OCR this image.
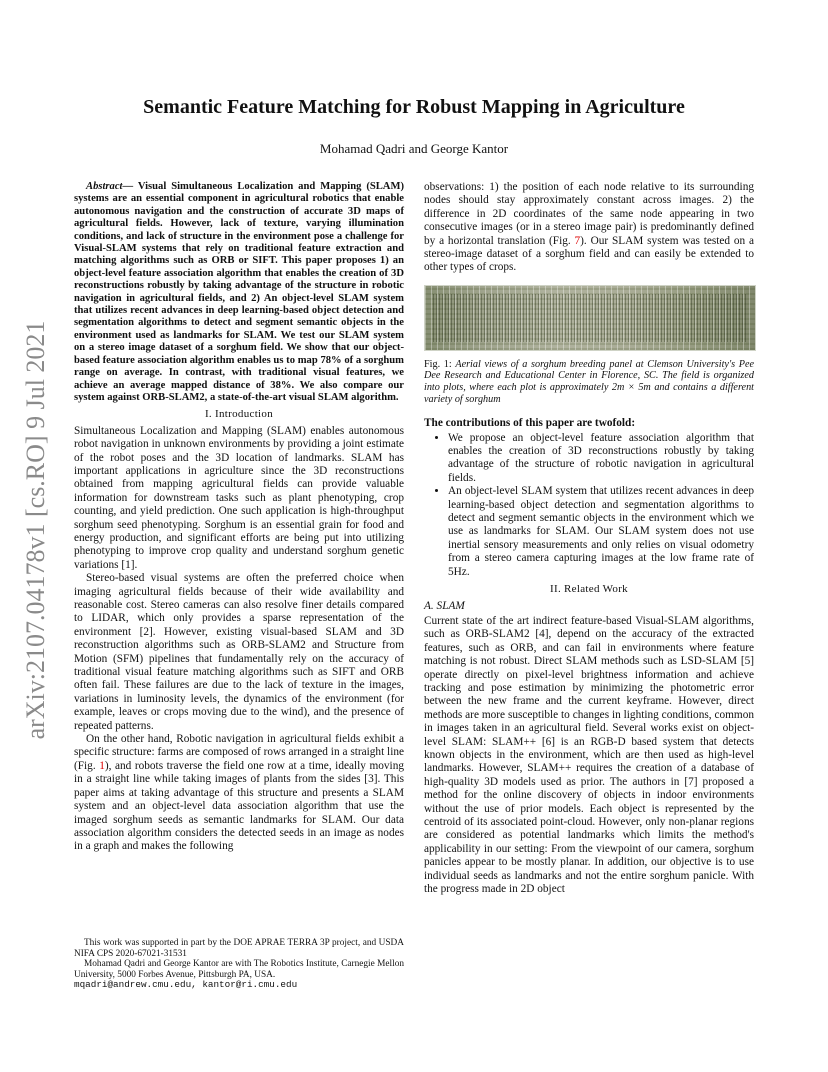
arXiv:2107.04178v1 [cs.RO] 9 Jul 2021
Semantic Feature Matching for Robust Mapping in Agriculture
Mohamad Qadri and George Kantor

Abstract— Visual Simultaneous Localization and Mapping (SLAM) systems are an essential component in agricultural robotics that enable autonomous navigation and the construction of accurate 3D maps of agricultural fields. However, lack of texture, varying illumination conditions, and lack of structure in the environment pose a challenge for Visual-SLAM systems that rely on traditional feature extraction and matching algorithms such as ORB or SIFT. This paper proposes 1) an object-level feature association algorithm that enables the creation of 3D reconstructions robustly by taking advantage of the structure in robotic navigation in agricultural fields, and 2) An object-level SLAM system that utilizes recent advances in deep learning-based object detection and segmentation algorithms to detect and segment semantic objects in the environment used as landmarks for SLAM. We test our SLAM system on a stereo image dataset of a sorghum field. We show that our object-based feature association algorithm enables us to map 78% of a sorghum range on average. In contrast, with traditional visual features, we achieve an average mapped distance of 38%. We also compare our system against ORB-SLAM2, a state-of-the-art visual SLAM algorithm.

I. Introduction

Simultaneous Localization and Mapping (SLAM) enables autonomous robot navigation in unknown environments by providing a joint estimate of the robot poses and the 3D location of landmarks. SLAM has important applications in agriculture since the 3D reconstructions obtained from mapping agricultural fields can provide valuable information for downstream tasks such as plant phenotyping, crop counting, and yield prediction. One such application is high-throughput sorghum seed phenotyping. Sorghum is an essential grain for food and energy production, and significant efforts are being put into utilizing phenotyping to improve crop quality and understand sorghum genetic variations [1].

Stereo-based visual systems are often the preferred choice when imaging agricultural fields because of their wide availability and reasonable cost. Stereo cameras can also resolve finer details compared to LIDAR, which only provides a sparse representation of the environment [2]. However, existing visual-based SLAM and 3D reconstruction algorithms such as ORB-SLAM2 and Structure from Motion (SFM) pipelines that fundamentally rely on the accuracy of traditional visual feature matching algorithms such as SIFT and ORB often fail. These failures are due to the lack of texture in the images, variations in luminosity levels, the dynamics of the environment (for example, leaves or crops moving due to the wind), and the presence of repeated patterns.

On the other hand, Robotic navigation in agricultural fields exhibit a specific structure: farms are composed of rows arranged in a straight line (Fig. 1), and robots traverse the field one row at a time, ideally moving in a straight line while taking images of plants from the sides [3]. This paper aims at taking advantage of this structure and presents a SLAM system and an object-level data association algorithm that use the imaged sorghum seeds as semantic landmarks for SLAM. Our data association algorithm considers the detected seeds in an image as nodes in a graph and makes the following

This work was supported in part by the DOE APRAE TERRA 3P project, and USDA NIFA CPS 2020-67021-31531

Mohamad Qadri and George Kantor are with The Robotics Institute, Carnegie Mellon University, 5000 Forbes Avenue, Pittsburgh PA, USA.

mqadri@andrew.cmu.edu, kantor@ri.cmu.edu

observations: 1) the position of each node relative to its surrounding nodes should stay approximately constant across images. 2) the difference in 2D coordinates of the same node appearing in two consecutive images (or in a stereo image pair) is predominantly defined by a horizontal translation (Fig. 7). Our SLAM system was tested on a stereo-image dataset of a sorghum field and can easily be extended to other types of crops.

Fig. 1: Aerial views of a sorghum breeding panel at Clemson University's Pee Dee Research and Educational Center in Florence, SC. The field is organized into plots, where each plot is approximately 2m × 5m and contains a different variety of sorghum
The contributions of this paper are twofold:
• We propose an object-level feature association algorithm that enables the creation of 3D reconstructions robustly by taking advantage of the structure of robotic navigation in agricultural fields.
• An object-level SLAM system that utilizes recent advances in deep learning-based object detection and segmentation algorithms to detect and segment semantic objects in the environment which we use as landmarks for SLAM. Our SLAM system does not use inertial sensory measurements and only relies on visual odometry from a stereo camera capturing images at the low frame rate of 5Hz.
II. Related Work
A. SLAM

Current state of the art indirect feature-based Visual-SLAM algorithms, such as ORB-SLAM2 [4], depend on the accuracy of the extracted features, such as ORB, and can fail in environments where feature matching is not robust. Direct SLAM methods such as LSD-SLAM [5] operate directly on pixel-level brightness information and achieve tracking and pose estimation by minimizing the photometric error between the new frame and the current keyframe. However, direct methods are more susceptible to changes in lighting conditions, common in images taken in an agricultural field. Several works exist on object-level SLAM: SLAM++ [6] is an RGB-D based system that detects known objects in the environment, which are then used as high-level landmarks. However, SLAM++ requires the creation of a database of high-quality 3D models used as prior. The authors in [7] proposed a method for the online discovery of objects in indoor environments without the use of prior models. Each object is represented by the centroid of its associated point-cloud. However, only non-planar regions are considered as potential landmarks which limits the method's applicability in our setting: From the viewpoint of our camera, sorghum panicles appear to be mostly planar. In addition, our objective is to use individual seeds as landmarks and not the entire sorghum panicle. With the progress made in 2D object
